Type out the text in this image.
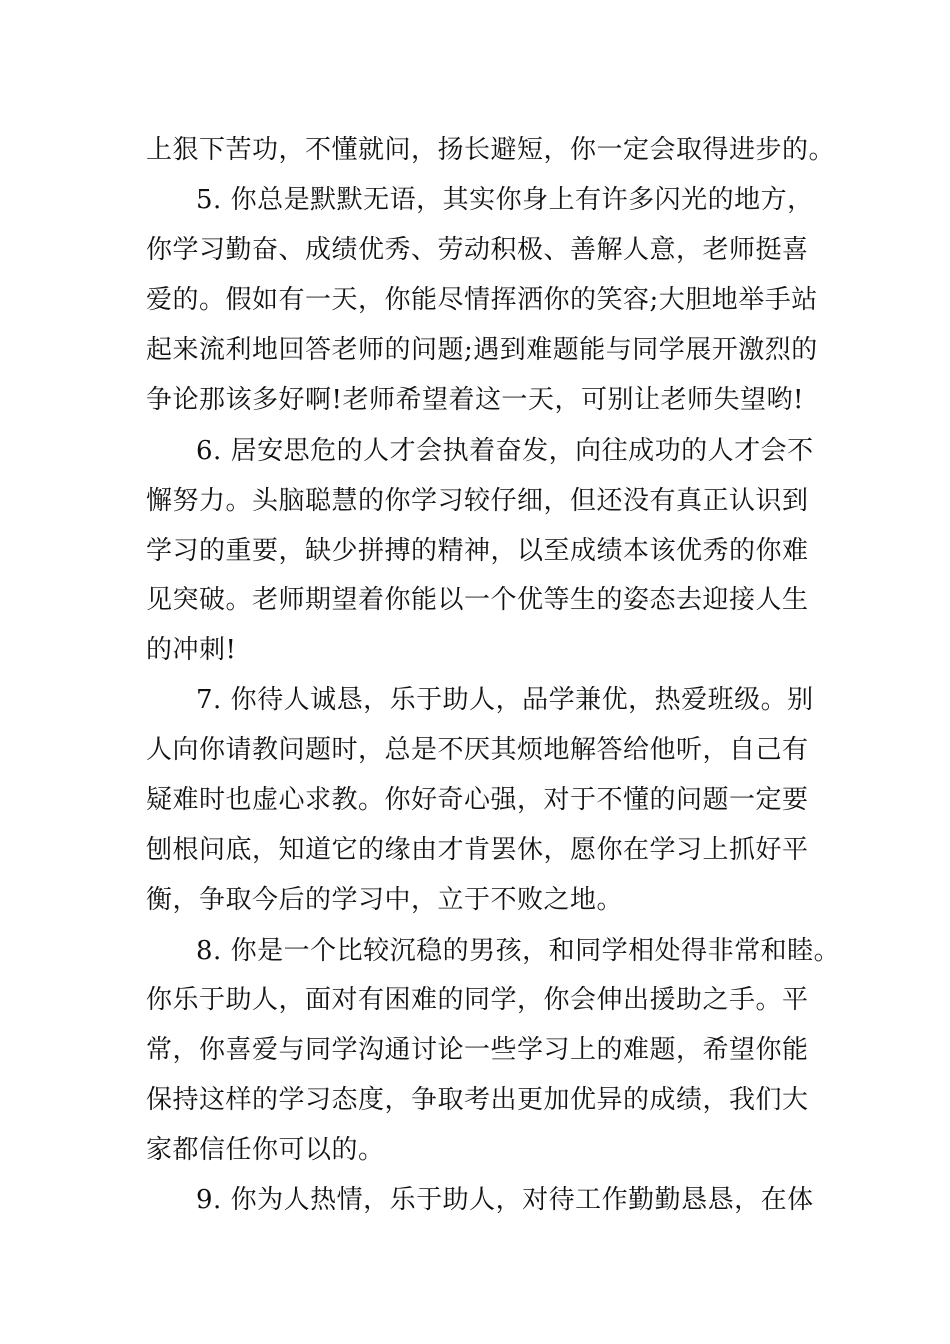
上狠下苦功，不懂就问，扬长避短，你一定会取得进步的。
5. 你总是默默无语，其实你身上有许多闪光的地方，
你学习勤奋、成绩优秀、劳动积极、善解人意，老师挺喜
爱的。假如有一天，你能尽情挥洒你的笑容;大胆地举手站
起来流利地回答老师的问题;遇到难题能与同学展开激烈的
争论那该多好啊!老师希望着这一天，可别让老师失望哟!
6. 居安思危的人才会执着奋发，向往成功的人才会不
懈努力。头脑聪慧的你学习较仔细，但还没有真正认识到
学习的重要，缺少拼搏的精神，以至成绩本该优秀的你难
见突破。老师期望着你能以一个优等生的姿态去迎接人生
的冲刺!
7. 你待人诚恳，乐于助人，品学兼优，热爱班级。别
人向你请教问题时，总是不厌其烦地解答给他听，自己有
疑难时也虚心求教。你好奇心强，对于不懂的问题一定要
刨根问底，知道它的缘由才肯罢休，愿你在学习上抓好平
衡，争取今后的学习中，立于不败之地。
8. 你是一个比较沉稳的男孩，和同学相处得非常和睦。
你乐于助人，面对有困难的同学，你会伸出援助之手。平
常，你喜爱与同学沟通讨论一些学习上的难题，希望你能
保持这样的学习态度，争取考出更加优异的成绩，我们大
家都信任你可以的。
9. 你为人热情，乐于助人，对待工作勤勤恳恳，在体
